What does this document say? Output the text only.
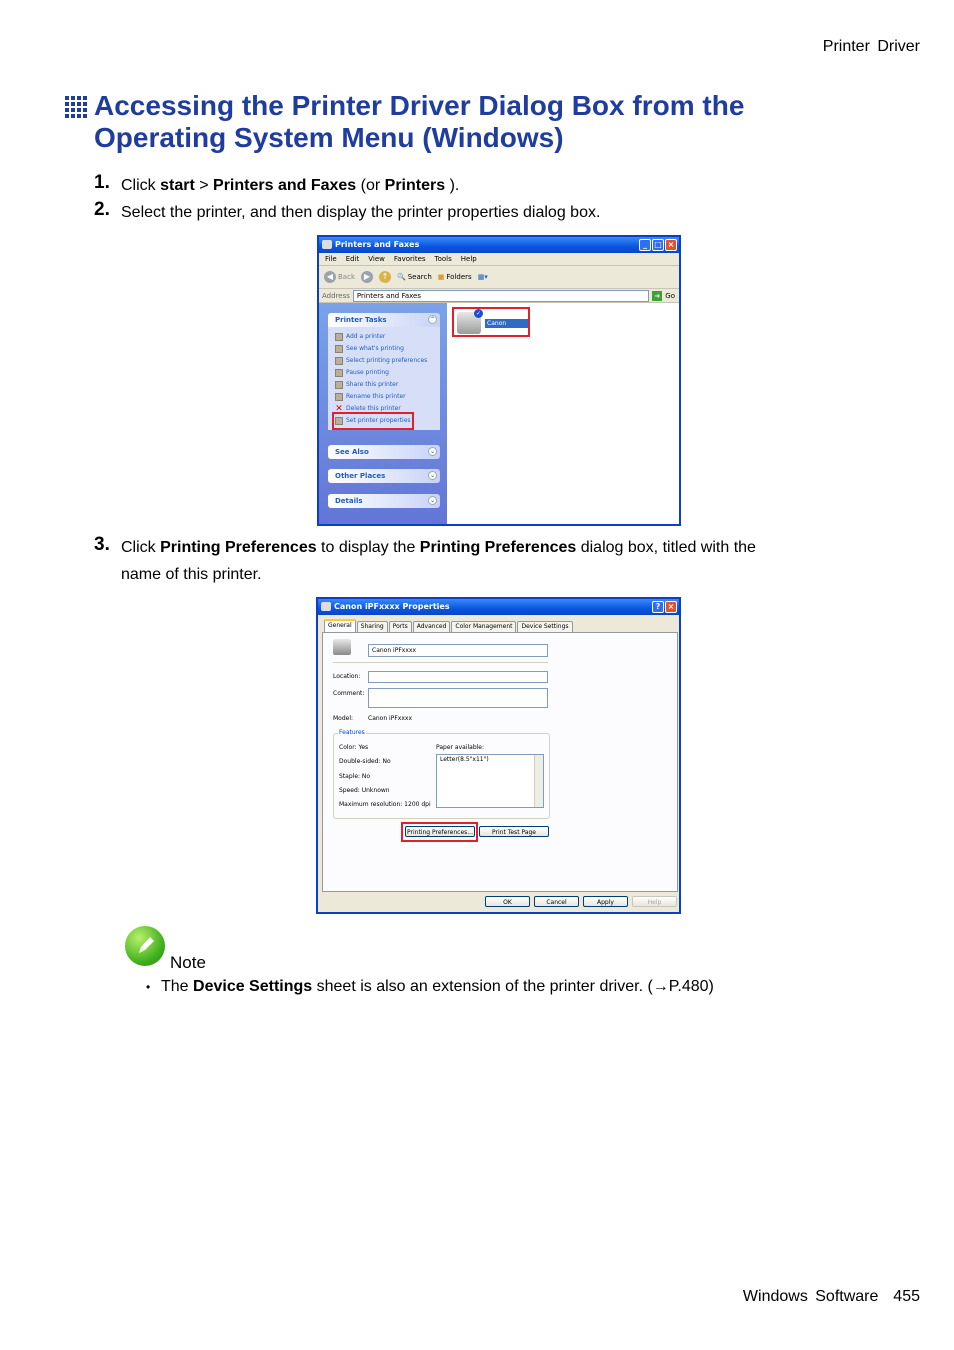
Printer Driver
Accessing the Printer Driver Dialog Box from the
Operating System Menu (Windows)
1. Click start > Printers and Faxes (or Printers ).
2. Select the printer, and then display the printer properties dialog box.
Printers and Faxes	_ □ ×
File Edit View Favorites Tools Help
◀ Back	▶	↑	🔍 Search ■ Folders ▦▾
Address	Printers and Faxes	➜ Go
Printer Tasks	⌃
Add a printer
See what's printing
Select printing preferences
Pause printing
Share this printer
Rename this printer
✕ Delete this printer
Set printer properties
See Also	⌄
Other Places	⌄
Details	⌄
✓
Canon iPFxxxx
3. Click Printing Preferences to display the Printing Preferences dialog box, titled with the
name of this printer.
Canon iPFxxxx Properties	? ×
General	Sharing	Ports	Advanced	Color Management	Device Settings
Canon iPFxxxx
Location:
Comment:
Model: Canon iPFxxxx
Features
Color: Yes
Double-sided: No
Staple: No
Speed: Unknown
Maximum resolution: 1200 dpi
Paper available:
Letter(8.5"x11")
Printing Preferences...	Print Test Page
OK	Cancel	Apply	Help
Note
• The Device Settings sheet is also an extension of the printer driver. (→P.480)
Windows Software 455
